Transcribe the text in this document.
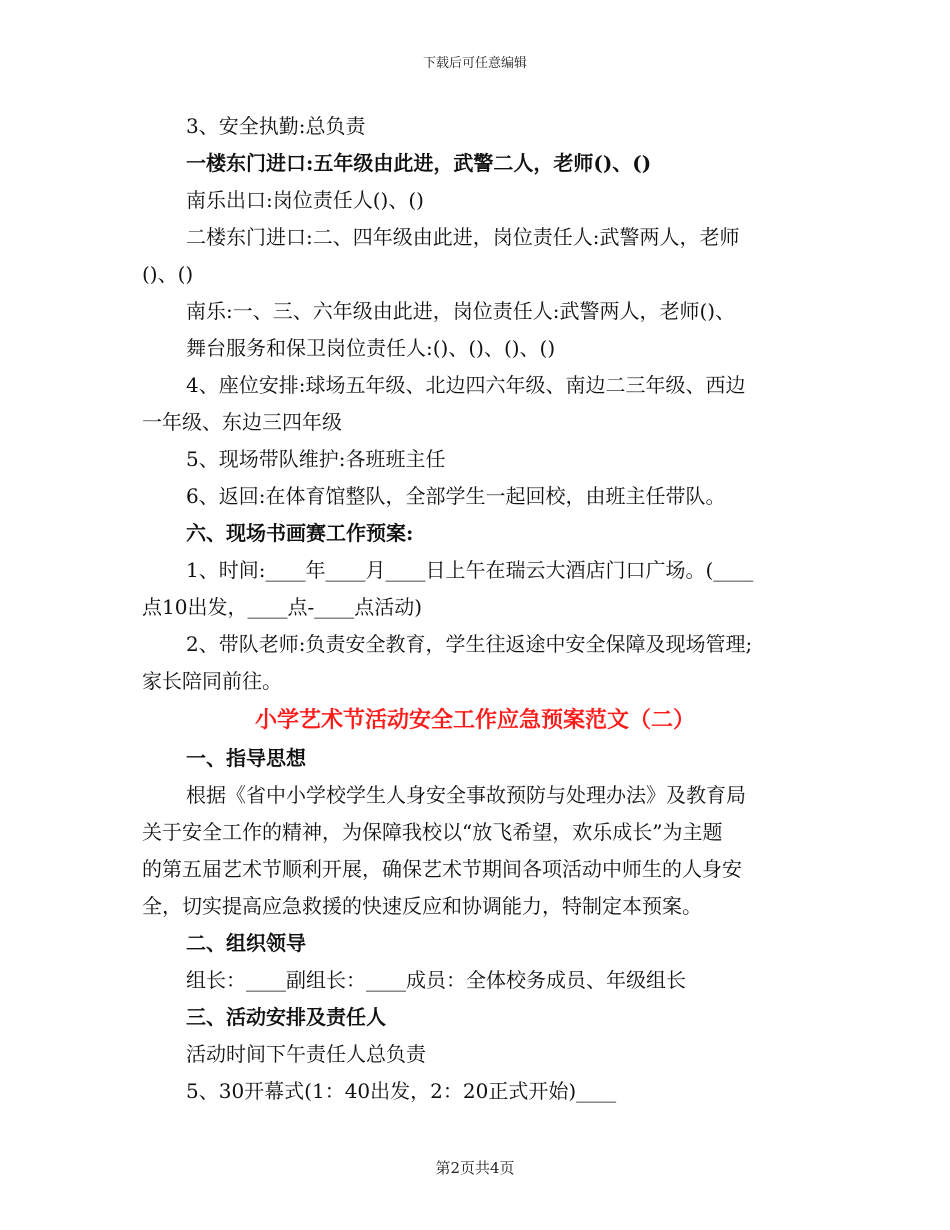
下载后可任意编辑
3、安全执勤:总负责
一楼东门进口:五年级由此进，武警二人，老师()、()
南乐出口:岗位责任人()、()
二楼东门进口:二、四年级由此进，岗位责任人:武警两人，老师
()、()
南乐:一、三、六年级由此进，岗位责任人:武警两人，老师()、
舞台服务和保卫岗位责任人:()、()、()、()
4、座位安排:球场五年级、北边四六年级、南边二三年级、西边
一年级、东边三四年级
5、现场带队维护:各班班主任
6、返回:在体育馆整队，全部学生一起回校，由班主任带队。
六、现场书画赛工作预案:
1、时间:____年____月____日上午在瑞云大酒店门口广场。(____
点10出发，____点-____点活动)
2、带队老师:负责安全教育，学生往返途中安全保障及现场管理;
家长陪同前往。
小学艺术节活动安全工作应急预案范文（二）
一、指导思想
根据《省中小学校学生人身安全事故预防与处理办法》及教育局
关于安全工作的精神，为保障我校以“放飞希望，欢乐成长”为主题
的第五届艺术节顺利开展，确保艺术节期间各项活动中师生的人身安
全，切实提高应急救援的快速反应和协调能力，特制定本预案。
二、组织领导
组长：____副组长：____成员：全体校务成员、年级组长
三、活动安排及责任人
活动时间下午责任人总负责
5、30开幕式(1：40出发，2：20正式开始)____
第2页共4页
